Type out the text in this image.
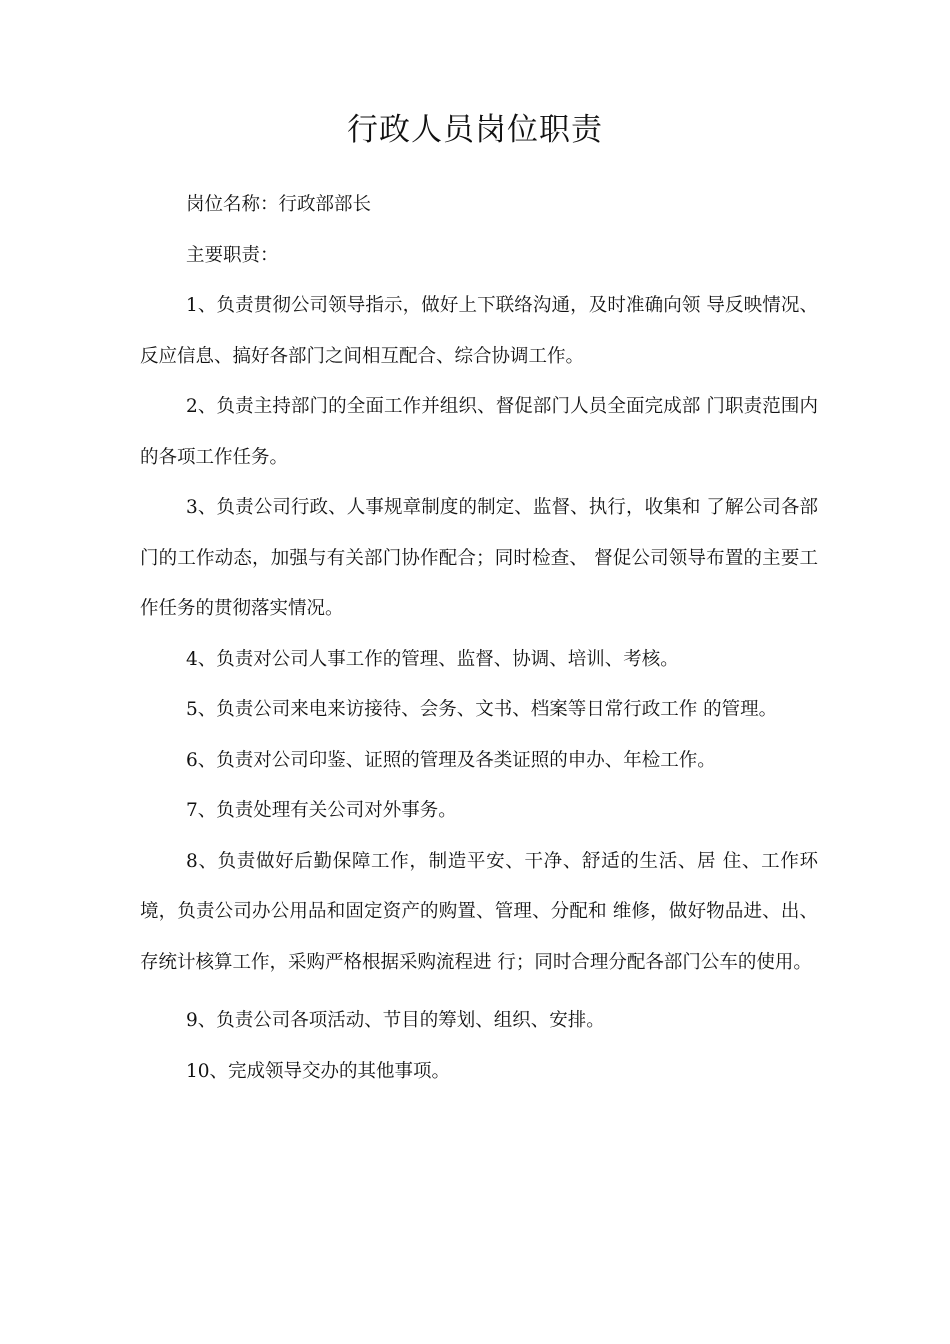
行政人员岗位职责

岗位名称：行政部部长

主要职责：

1、负责贯彻公司领导指示，做好上下联络沟通，及时准确向领 导反映情况、反应信息、搞好各部门之间相互配合、综合协调工作。

2、负责主持部门的全面工作并组织、督促部门人员全面完成部 门职责范围内的各项工作任务。

3、负责公司行政、人事规章制度的制定、监督、执行，收集和 了解公司各部门的工作动态，加强与有关部门协作配合；同时检查、 督促公司领导布置的主要工作任务的贯彻落实情况。

4、负责对公司人事工作的管理、监督、协调、培训、考核。

5、负责公司来电来访接待、会务、文书、档案等日常行政工作 的管理。

6、负责对公司印鉴、证照的管理及各类证照的申办、年检工作。

7、负责处理有关公司对外事务。

8、负责做好后勤保障工作，制造平安、干净、舒适的生活、居 住、工作环境，负责公司办公用品和固定资产的购置、管理、分配和 维修，做好物品进、出、存统计核算工作，采购严格根据采购流程进 行；同时合理分配各部门公车的使用。

9、负责公司各项活动、节目的筹划、组织、安排。

10、完成领导交办的其他事项。
